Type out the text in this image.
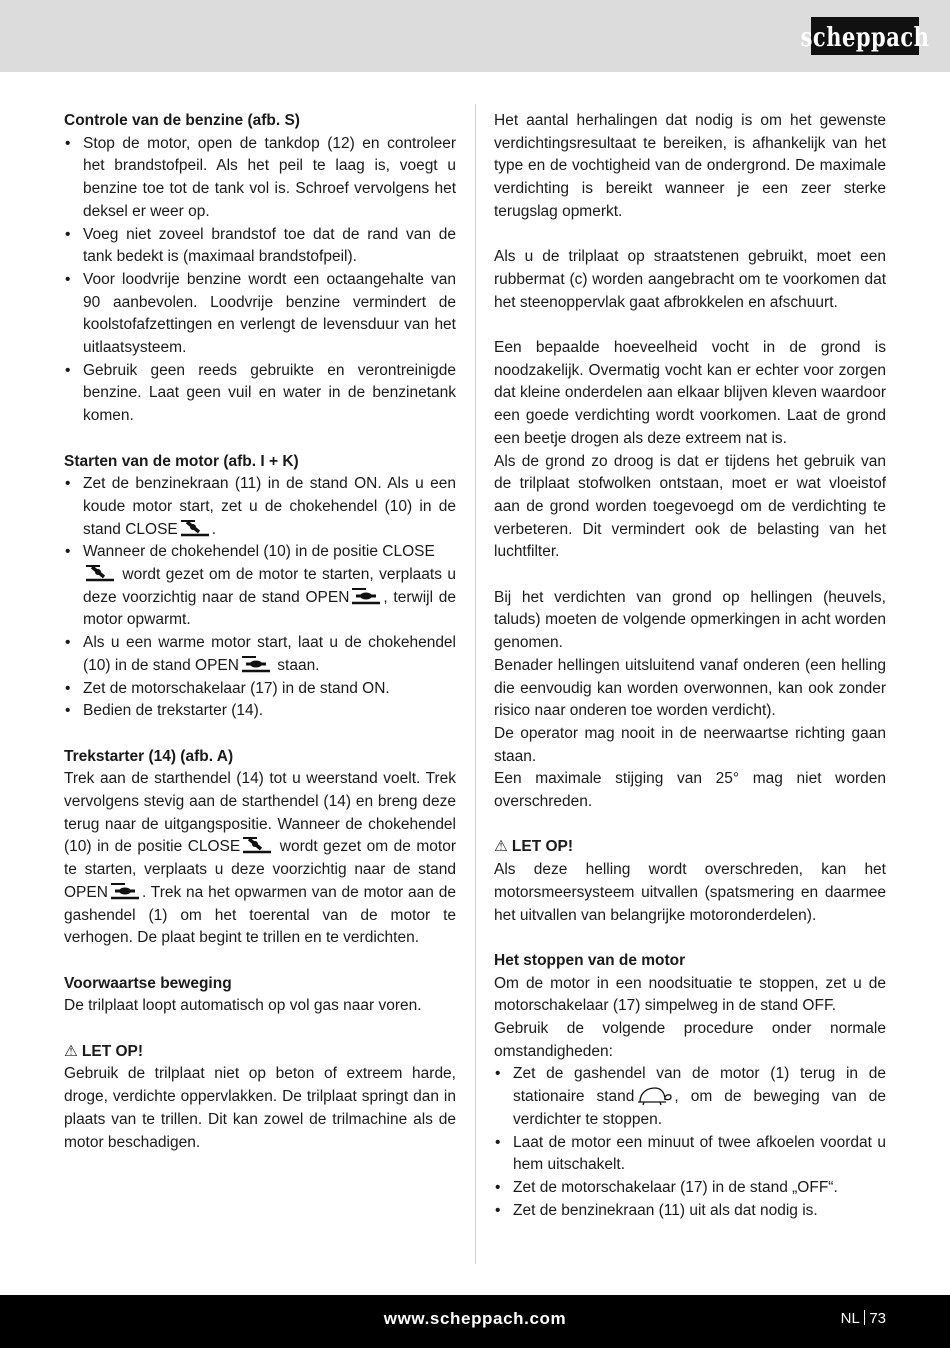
scheppach
Controle van de benzine (afb. S)
• Stop de motor, open de tankdop (12) en controleer het brandstofpeil. Als het peil te laag is, voegt u benzine toe tot de tank vol is. Schroef vervolgens het deksel er weer op.
• Voeg niet zoveel brandstof toe dat de rand van de tank bedekt is (maximaal brandstofpeil).
• Voor loodvrije benzine wordt een octaangehalte van 90 aanbevolen. Loodvrije benzine vermindert de koolstofafzettingen en verlengt de levensduur van het uitlaatsysteem.
• Gebruik geen reeds gebruikte en verontreinigde benzine. Laat geen vuil en water in de benzinetank komen.
Starten van de motor (afb. I + K)
• Zet de benzinekraan (11) in de stand ON. Als u een koude motor start, zet u de chokehendel (10) in de stand CLOSE .
• Wanneer de chokehendel (10) in de positie CLOSE

wordt gezet om de motor te starten, verplaats u deze voorzichtig naar de stand OPEN , terwijl de motor opwarmt.
• Als u een warme motor start, laat u de chokehendel (10) in de stand OPEN staan.
• Zet de motorschakelaar (17) in de stand ON.
• Bedien de trekstarter (14).
Trekstarter (14) (afb. A)

Trek aan de starthendel (14) tot u weerstand voelt. Trek vervolgens stevig aan de starthendel (14) en breng deze terug naar de uitgangspositie. Wanneer de chokehendel (10) in de positie CLOSE	wordt gezet om de motor te starten, verplaats u deze voorzichtig naar de stand OPEN . Trek na het opwarmen van de motor aan de gashendel (1) om het toerental van de motor te verhogen. De plaat begint te trillen en te verdichten.

Voorwaartse beweging

De trilplaat loopt automatisch op vol gas naar voren.

⚠ LET OP!

Gebruik de trilplaat niet op beton of extreem harde, droge, verdichte oppervlakken. De trilplaat springt dan in plaats van te trillen. Dit kan zowel de trilmachine als de motor beschadigen.

Het aantal herhalingen dat nodig is om het gewenste verdichtingsresultaat te bereiken, is afhankelijk van het type en de vochtigheid van de ondergrond. De maximale verdichting is bereikt wanneer je een zeer sterke terugslag opmerkt.

Als u de trilplaat op straatstenen gebruikt, moet een rubbermat (c) worden aangebracht om te voorkomen dat het steenoppervlak gaat afbrokkelen en afschuurt.

Een bepaalde hoeveelheid vocht in de grond is noodzakelijk. Overmatig vocht kan er echter voor zorgen dat kleine onderdelen aan elkaar blijven kleven waardoor een goede verdichting wordt voorkomen. Laat de grond een beetje drogen als deze extreem nat is.

Als de grond zo droog is dat er tijdens het gebruik van de trilplaat stofwolken ontstaan, moet er wat vloeistof aan de grond worden toegevoegd om de verdichting te verbeteren. Dit vermindert ook de belasting van het luchtfilter.

Bij het verdichten van grond op hellingen (heuvels, taluds) moeten de volgende opmerkingen in acht worden genomen.

Benader hellingen uitsluitend vanaf onderen (een helling die eenvoudig kan worden overwonnen, kan ook zonder risico naar onderen toe worden verdicht).

De operator mag nooit in de neerwaartse richting gaan staan.

Een maximale stijging van 25° mag niet worden overschreden.

⚠ LET OP!

Als deze helling wordt overschreden, kan het motorsmeersysteem uitvallen (spatsmering en daarmee het uitvallen van belangrijke motoronderdelen).

Het stoppen van de motor

Om de motor in een noodsituatie te stoppen, zet u de motorschakelaar (17) simpelweg in de stand OFF.

Gebruik de volgende procedure onder normale omstandigheden:

• Zet de gashendel van de motor (1) terug in de stationaire stand	, om de beweging van de verdichter te stoppen.
• Laat de motor een minuut of twee afkoelen voordat u hem uitschakelt.
• Zet de motorschakelaar (17) in de stand „OFF“.
• Zet de benzinekraan (11) uit als dat nodig is.
www.scheppach.com	NL 73
